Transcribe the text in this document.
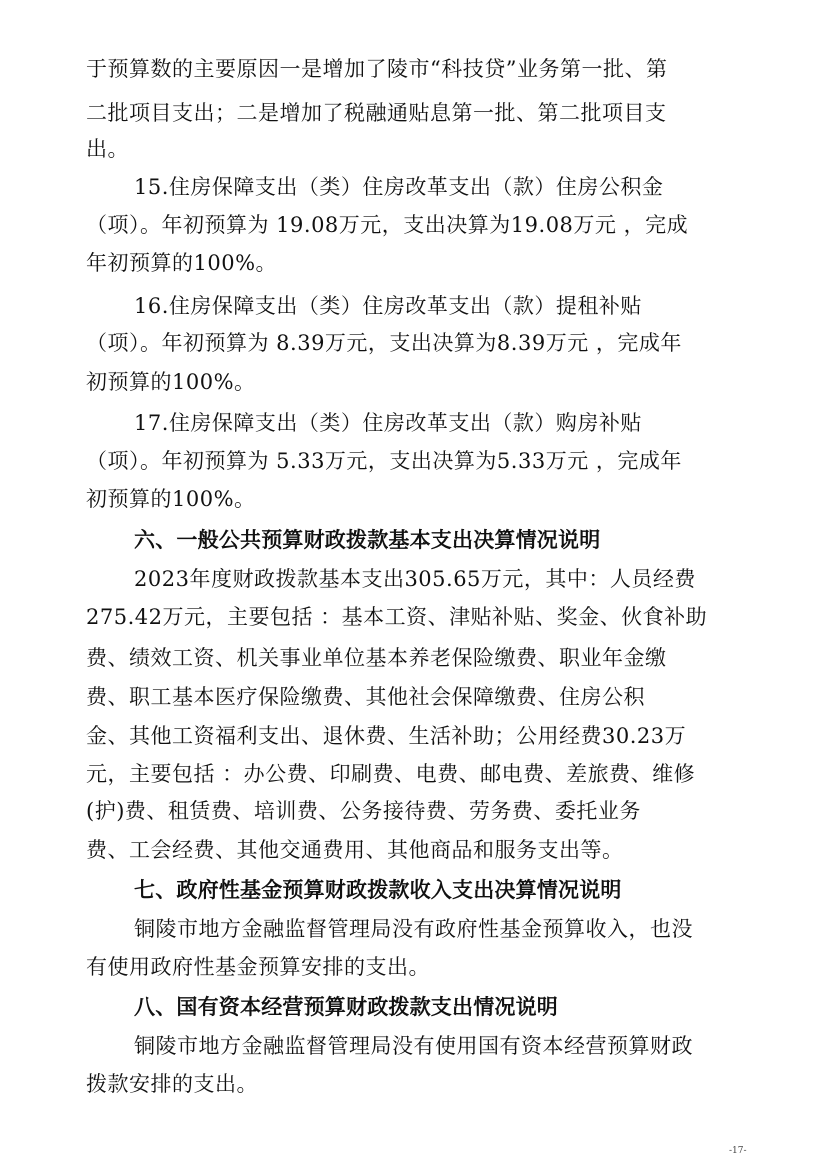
于预算数的主要原因一是增加了陵市“科技贷”业务第一批、第

二批项目支出；二是增加了税融通贴息第一批、第二批项目支

出。

15.住房保障支出（类）住房改革支出（款）住房公积金

（项）。年初预算为 19.08万元，支出决算为19.08万元 ，完成

年初预算的100%。

16.住房保障支出（类）住房改革支出（款）提租补贴

（项）。年初预算为 8.39万元，支出决算为8.39万元 ，完成年

初预算的100%。

17.住房保障支出（类）住房改革支出（款）购房补贴

（项）。年初预算为 5.33万元，支出决算为5.33万元 ，完成年

初预算的100%。

六、一般公共预算财政拨款基本支出决算情况说明

2023年度财政拨款基本支出305.65万元，其中：人员经费

275.42万元，主要包括 ：基本工资、津贴补贴、奖金、伙食补助

费、绩效工资、机关事业单位基本养老保险缴费、职业年金缴

费、职工基本医疗保险缴费、其他社会保障缴费、住房公积

金、其他工资福利支出、退休费、生活补助；公用经费30.23万

元，主要包括 ：办公费、印刷费、电费、邮电费、差旅费、维修

(护)费、租赁费、培训费、公务接待费、劳务费、委托业务

费、工会经费、其他交通费用、其他商品和服务支出等。

七、政府性基金预算财政拨款收入支出决算情况说明

铜陵市地方金融监督管理局没有政府性基金预算收入，也没

有使用政府性基金预算安排的支出。

八、国有资本经营预算财政拨款支出情况说明

铜陵市地方金融监督管理局没有使用国有资本经营预算财政

拨款安排的支出。

-17-
